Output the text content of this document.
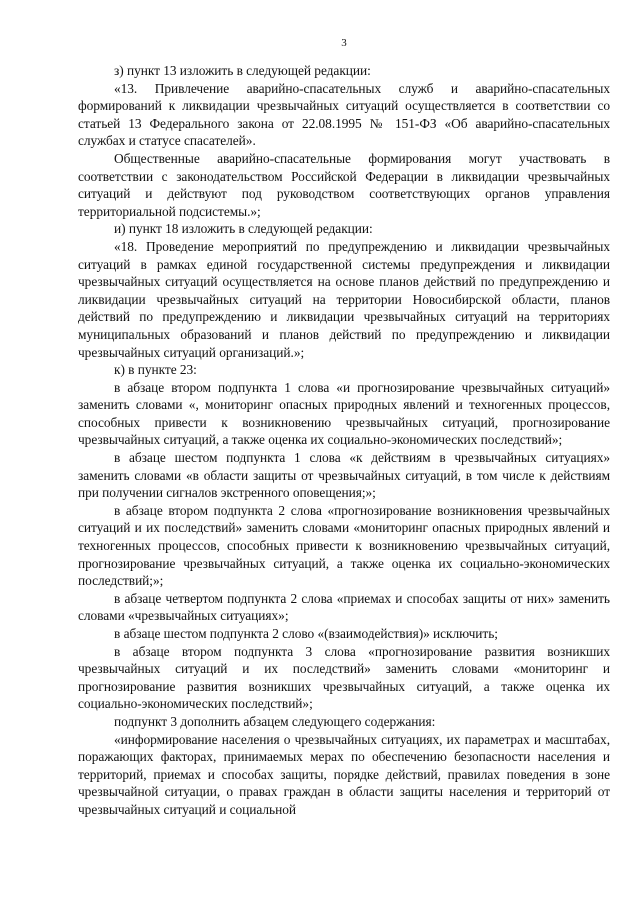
3

з) пункт 13 изложить в следующей редакции:

«13. Привлечение аварийно-спасательных служб и аварийно-спасательных формирований к ликвидации чрезвычайных ситуаций осуществляется в соответствии со статьей 13 Федерального закона от 22.08.1995 № 151-ФЗ «Об аварийно-спасательных службах и статусе спасателей».

Общественные аварийно-спасательные формирования могут участвовать в соответствии с законодательством Российской Федерации в ликвидации чрезвычайных ситуаций и действуют под руководством соответствующих органов управления территориальной подсистемы.»;

и) пункт 18 изложить в следующей редакции:

«18. Проведение мероприятий по предупреждению и ликвидации чрезвычайных ситуаций в рамках единой государственной системы предупреждения и ликвидации чрезвычайных ситуаций осуществляется на основе планов действий по предупреждению и ликвидации чрезвычайных ситуаций на территории Новосибирской области, планов действий по предупреждению и ликвидации чрезвычайных ситуаций на территориях муниципальных образований и планов действий по предупреждению и ликвидации чрезвычайных ситуаций организаций.»;

к) в пункте 23:

в абзаце втором подпункта 1 слова «и прогнозирование чрезвычайных ситуаций» заменить словами «, мониторинг опасных природных явлений и техногенных процессов, способных привести к возникновению чрезвычайных ситуаций, прогнозирование чрезвычайных ситуаций, а также оценка их социально-экономических последствий»;

в абзаце шестом подпункта 1 слова «к действиям в чрезвычайных ситуациях» заменить словами «в области защиты от чрезвычайных ситуаций, в том числе к действиям при получении сигналов экстренного оповещения;»;

в абзаце втором подпункта 2 слова «прогнозирование возникновения чрезвычайных ситуаций и их последствий» заменить словами «мониторинг опасных природных явлений и техногенных процессов, способных привести к возникновению чрезвычайных ситуаций, прогнозирование чрезвычайных ситуаций, а также оценка их социально-экономических последствий;»;

в абзаце четвертом подпункта 2 слова «приемах и способах защиты от них» заменить словами «чрезвычайных ситуациях»;

в абзаце шестом подпункта 2 слово «(взаимодействия)» исключить;

в абзаце втором подпункта 3 слова «прогнозирование развития возникших чрезвычайных ситуаций и их последствий» заменить словами «мониторинг и прогнозирование развития возникших чрезвычайных ситуаций, а также оценка их социально-экономических последствий»;

подпункт 3 дополнить абзацем следующего содержания:

«информирование населения о чрезвычайных ситуациях, их параметрах и масштабах, поражающих факторах, принимаемых мерах по обеспечению безопасности населения и территорий, приемах и способах защиты, порядке действий, правилах поведения в зоне чрезвычайной ситуации, о правах граждан в области защиты населения и территорий от чрезвычайных ситуаций и социальной
